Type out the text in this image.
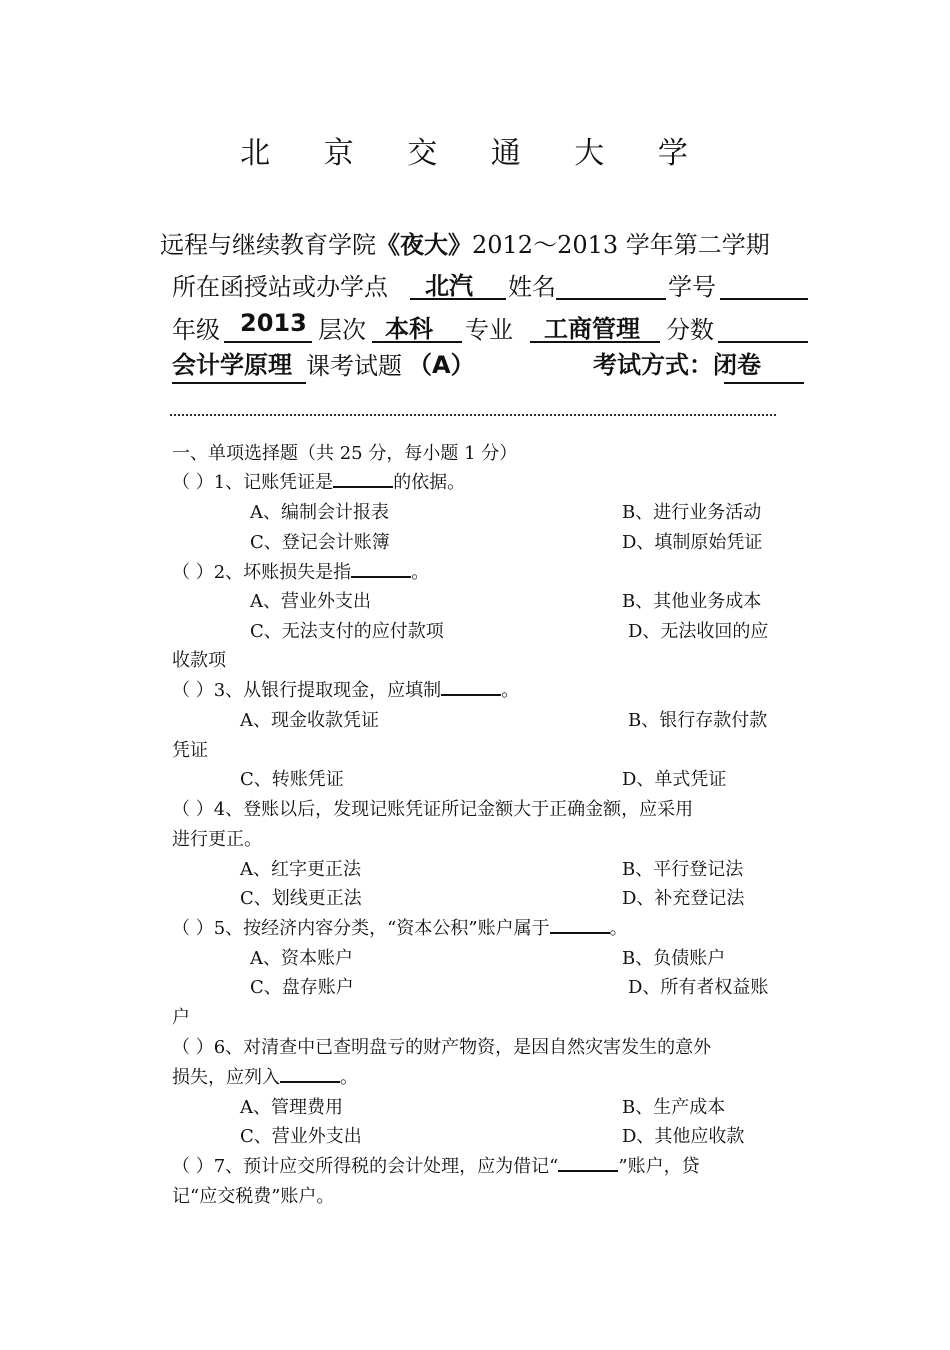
北 京 交 通 大 学
远程与继续教育学院《夜大》2012～2013 学年第二学期
所在函授站或办学点 北汽 姓名	学号
年级 2013 层次 本科 专业 工商管理 分数
会计学原理 课考试题 （A）	考试方式：闭卷
一、单项选择题（共 25 分，每小题 1 分）
（ ）1、记账凭证是	的依据。
A、编制会计报表	B、进行业务活动
C、登记会计账簿	D、填制原始凭证
（ ）2、坏账损失是指	。
A、营业外支出	B、其他业务成本
C、无法支付的应付款项	D、无法收回的应
收款项
（ ）3、从银行提取现金，应填制	。
A、现金收款凭证	B、银行存款付款
凭证
C、转账凭证	D、单式凭证
（ ）4、登账以后，发现记账凭证所记金额大于正确金额，应采用
进行更正。
A、红字更正法	B、平行登记法
C、划线更正法	D、补充登记法
（ ）5、按经济内容分类，“资本公积”账户属于	。
A、资本账户	B、负债账户
C、盘存账户	D、所有者权益账
户
（ ）6、对清查中已查明盘亏的财产物资，是因自然灾害发生的意外
损失，应列入	。
A、管理费用	B、生产成本
C、营业外支出	D、其他应收款
（ ）7、预计应交所得税的会计处理，应为借记“	”账户，贷
记“应交税费”账户。
